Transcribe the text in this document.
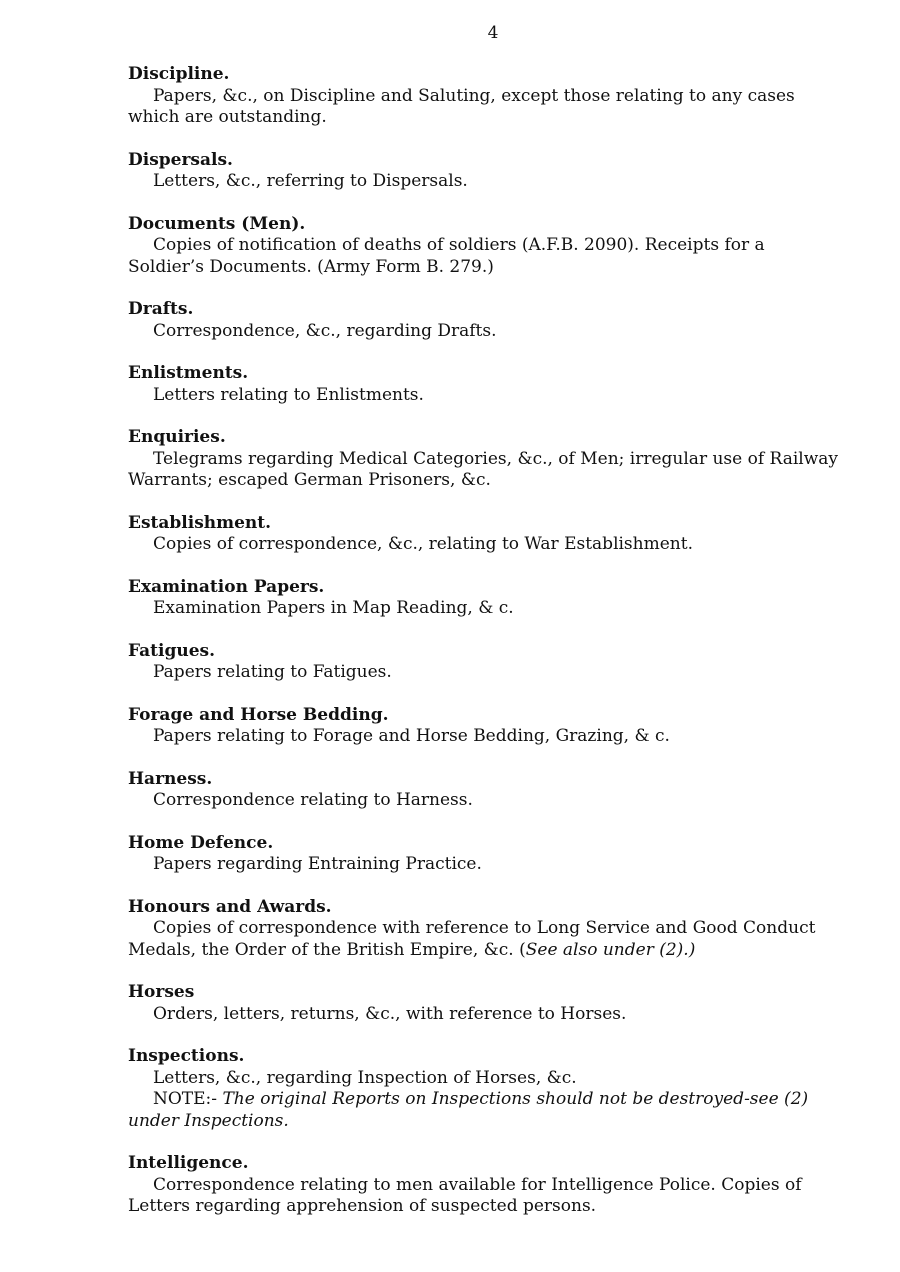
4
Discipline.
Papers, &c., on Discipline and Saluting, except those relating to any cases which are outstanding.
Dispersals.
Letters, &c., referring to Dispersals.
Documents (Men).
Copies of notification of deaths of soldiers (A.F.B. 2090). Receipts for a Soldier’s Documents. (Army Form B. 279.)
Drafts.
Correspondence, &c., regarding Drafts.
Enlistments.
Letters relating to Enlistments.
Enquiries.
Telegrams regarding Medical Categories, &c., of Men; irregular use of Railway Warrants; escaped German Prisoners, &c.
Establishment.
Copies of correspondence, &c., relating to War Establishment.
Examination Papers.
Examination Papers in Map Reading, & c.
Fatigues.
Papers relating to Fatigues.
Forage and Horse Bedding.
Papers relating to Forage and Horse Bedding, Grazing, & c.
Harness.
Correspondence relating to Harness.
Home Defence.
Papers regarding Entraining Practice.
Honours and Awards.
Copies of correspondence with reference to Long Service and Good Conduct Medals, the Order of the British Empire, &c. (See also under (2).)
Horses
Orders, letters, returns, &c., with reference to Horses.
Inspections.
Letters, &c., regarding Inspection of Horses, &c.
NOTE:- The original Reports on Inspections should not be destroyed-see (2) under Inspections.
Intelligence.
Correspondence relating to men available for Intelligence Police. Copies of Letters regarding apprehension of suspected persons.
